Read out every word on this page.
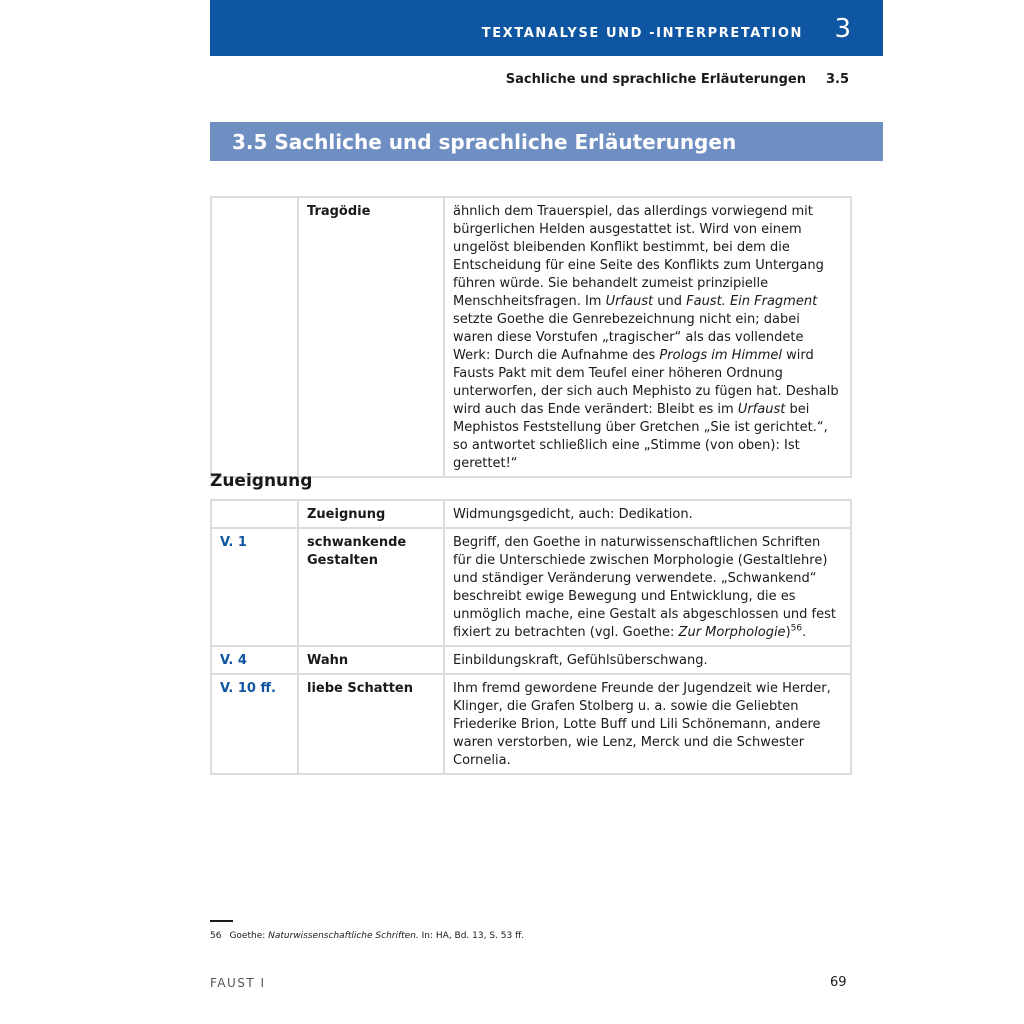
TEXTANALYSE UND -INTERPRETATION 3
Sachliche und sprachliche Erläuterungen 3.5
3.5 Sachliche und sprachliche Erläuterungen
	Tragödie	ähnlich dem Trauerspiel, das allerdings vorwiegend mit bürgerlichen Helden ausgestattet ist. Wird von einem ungelöst bleibenden Konflikt bestimmt, bei dem die Entscheidung für eine Seite des Konflikts zum Untergang führen würde. Sie behandelt zumeist prinzipielle Menschheitsfragen. Im Urfaust und Faust. Ein Fragment setzte Goethe die Genrebezeichnung nicht ein; dabei waren diese Vorstufen „tragischer“ als das vollendete Werk: Durch die Aufnahme des Prologs im Himmel wird Fausts Pakt mit dem Teufel einer höheren Ordnung unterworfen, der sich auch Mephisto zu fügen hat. Deshalb wird auch das Ende verändert: Bleibt es im Urfaust bei Mephistos Feststellung über Gretchen „Sie ist gerichtet.“, so antwortet schließlich eine „Stimme (von oben): Ist gerettet!“
Zueignung
	Zueignung	Widmungsgedicht, auch: Dedikation.
V. 1	schwankende Gestalten	Begriff, den Goethe in naturwissenschaftlichen Schriften für die Unterschiede zwischen Morphologie (Gestaltlehre) und ständiger Veränderung verwendete. „Schwankend“ beschreibt ewige Bewegung und Entwicklung, die es unmöglich mache, eine Gestalt als abgeschlossen und fest fixiert zu betrachten (vgl. Goethe: Zur Morphologie)$^{56}$.
V. 4	Wahn	Einbildungskraft, Gefühlsüberschwang.
V. 10 ff.	liebe Schatten	Ihm fremd gewordene Freunde der Jugendzeit wie Herder, Klinger, die Grafen Stolberg u. a. sowie die Geliebten Friederike Brion, Lotte Buff und Lili Schönemann, andere waren verstorben, wie Lenz, Merck und die Schwester Cornelia.
56 Goethe: Naturwissenschaftliche Schriften. In: HA, Bd. 13, S. 53 ff.
FAUST I	69
